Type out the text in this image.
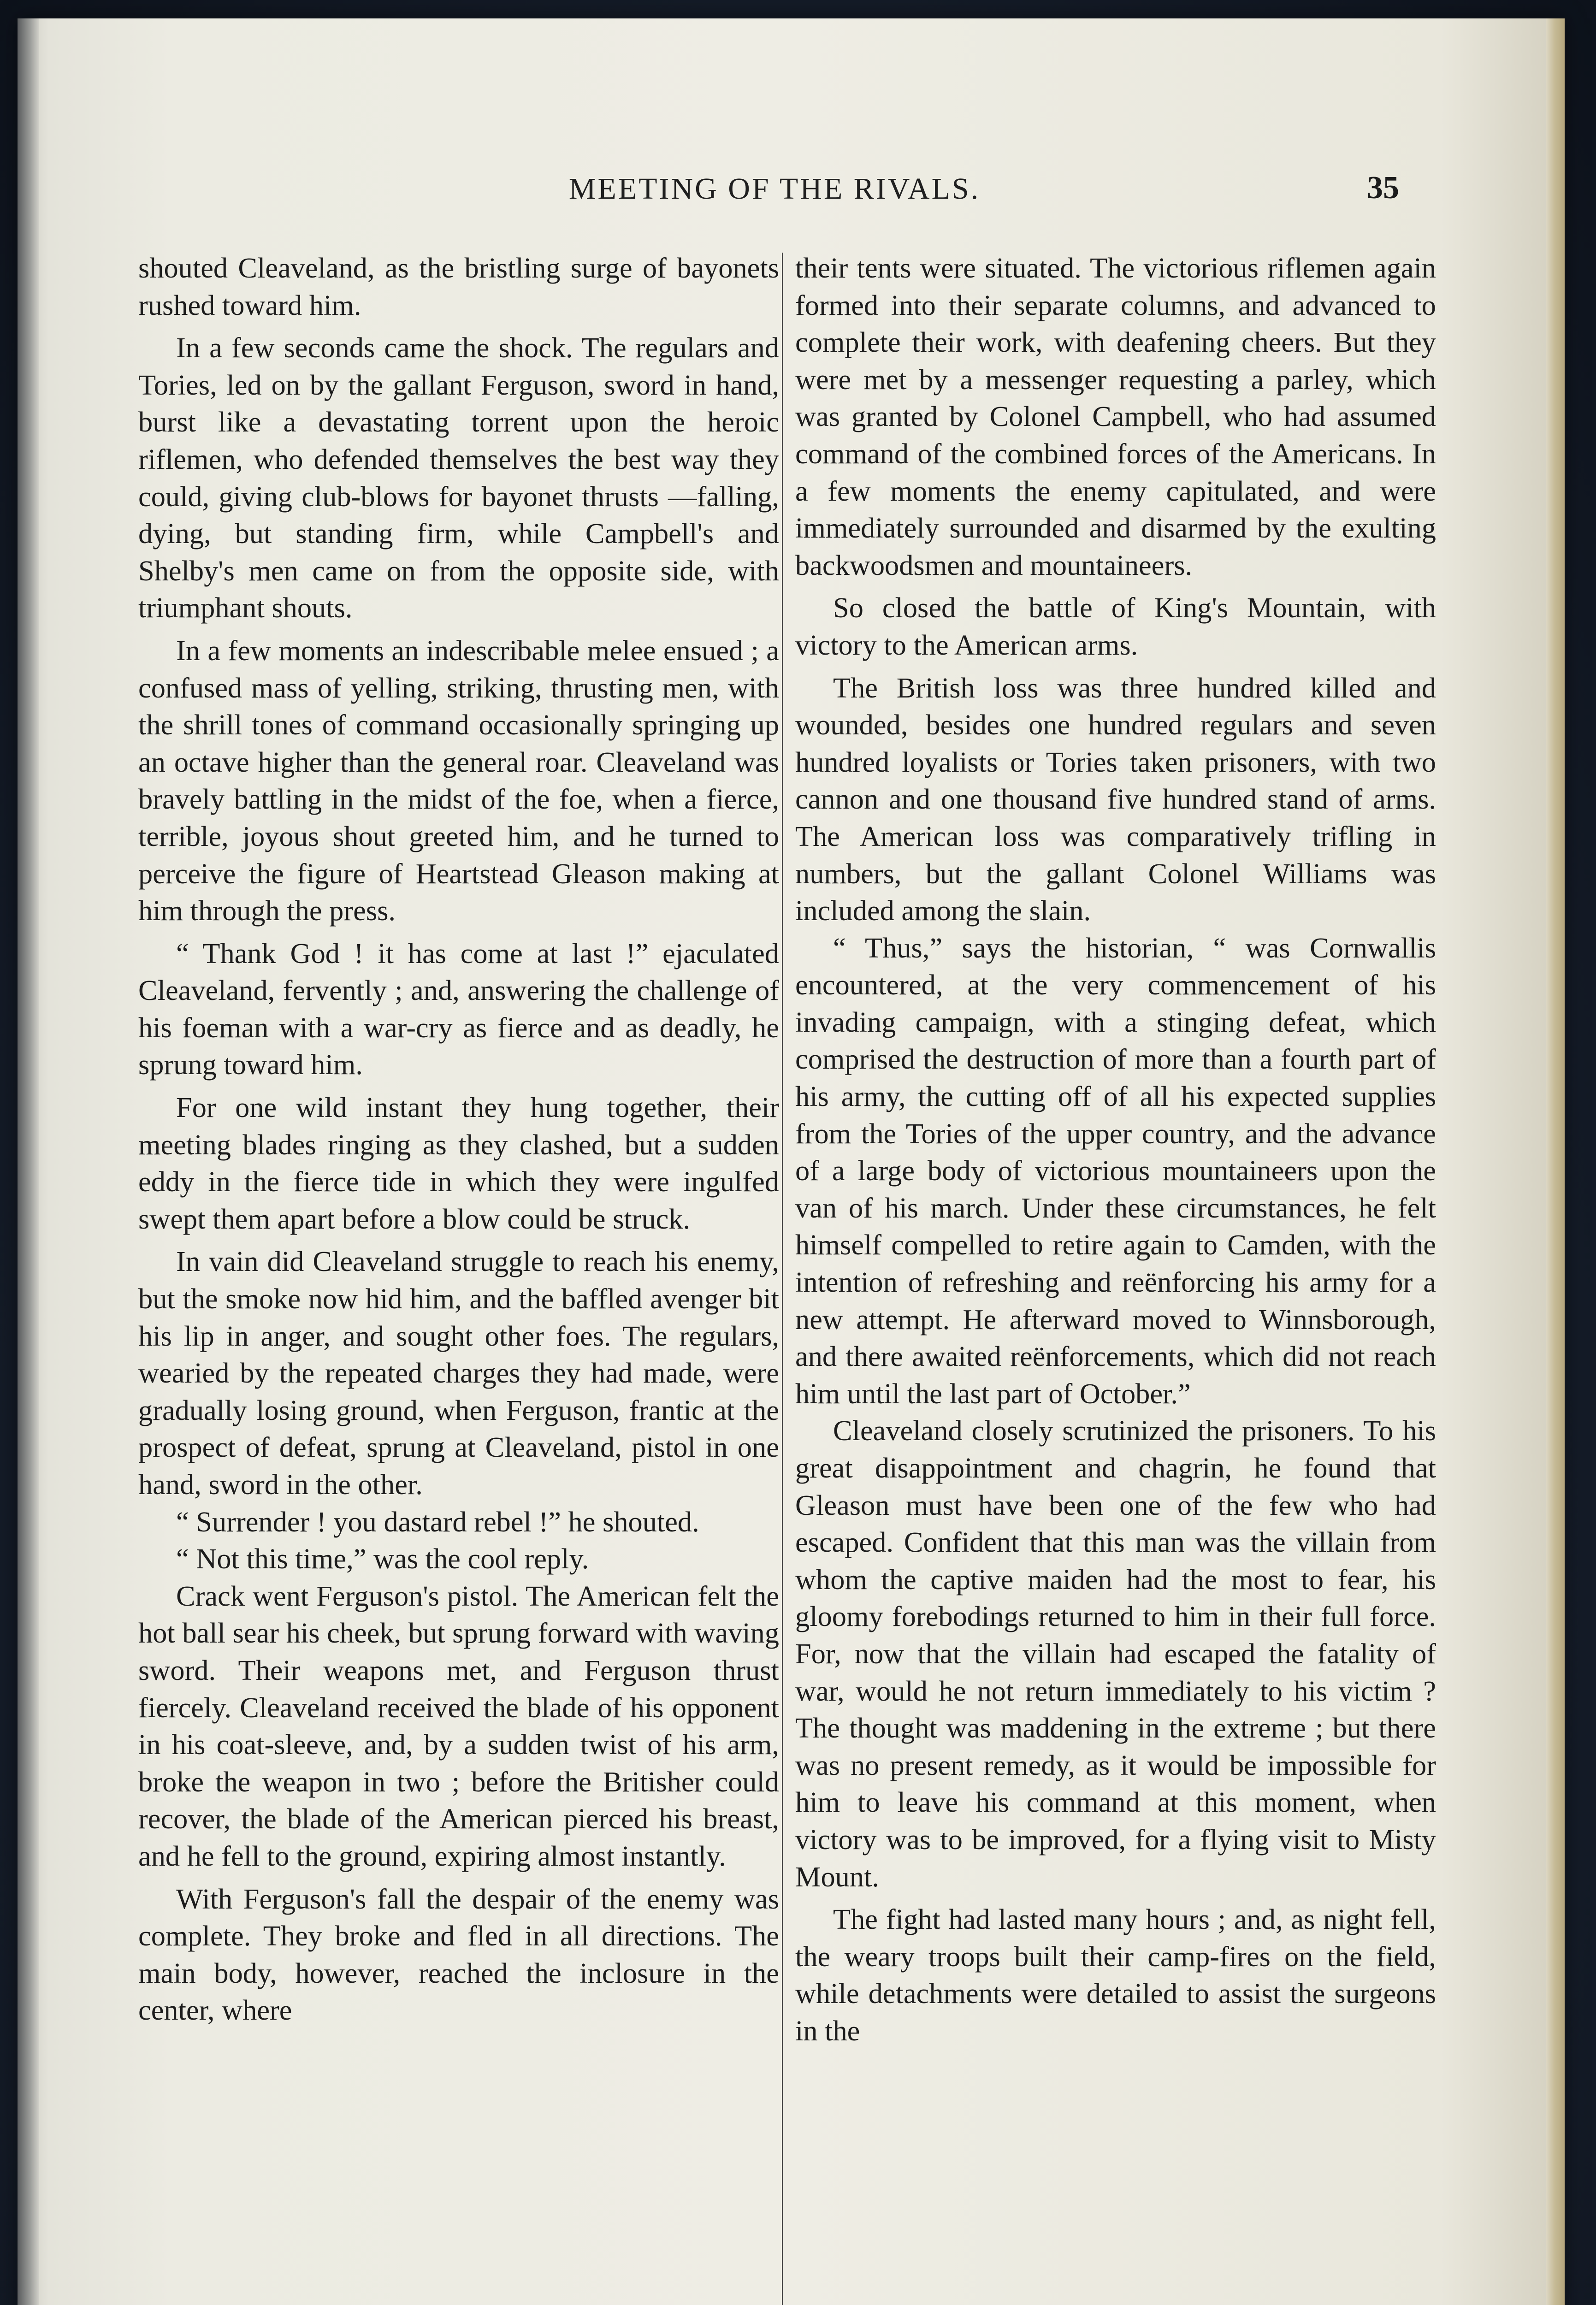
MEETING OF THE RIVALS.	35

shouted Cleaveland, as the bristling surge of bayonets rushed toward him.

In a few seconds came the shock. The regulars and Tories, led on by the gallant Ferguson, sword in hand, burst like a devastating torrent upon the heroic riflemen, who defended themselves the best way they could, giving club-blows for bayonet thrusts —falling, dying, but standing firm, while Campbell's and Shelby's men came on from the opposite side, with triumphant shouts.

In a few moments an indescribable melee ensued ; a confused mass of yelling, striking, thrusting men, with the shrill tones of command occasionally springing up an octave higher than the general roar. Cleaveland was bravely battling in the midst of the foe, when a fierce, terrible, joyous shout greeted him, and he turned to perceive the figure of Heartstead Gleason making at him through the press.

“ Thank God ! it has come at last !” ejaculated Cleaveland, fervently ; and, answering the challenge of his foeman with a war-cry as fierce and as deadly, he sprung toward him.

For one wild instant they hung together, their meeting blades ringing as they clashed, but a sudden eddy in the fierce tide in which they were ingulfed swept them apart before a blow could be struck.

In vain did Cleaveland struggle to reach his enemy, but the smoke now hid him, and the baffled avenger bit his lip in anger, and sought other foes. The regulars, wearied by the repeated charges they had made, were gradually losing ground, when Ferguson, frantic at the prospect of defeat, sprung at Cleaveland, pistol in one hand, sword in the other.

“ Surrender ! you dastard rebel !” he shouted.

“ Not this time,” was the cool reply.

Crack went Ferguson's pistol. The American felt the hot ball sear his cheek, but sprung forward with waving sword. Their weapons met, and Ferguson thrust fiercely. Cleaveland received the blade of his opponent in his coat-sleeve, and, by a sudden twist of his arm, broke the weapon in two ; before the Britisher could recover, the blade of the American pierced his breast, and he fell to the ground, expiring almost instantly.

With Ferguson's fall the despair of the enemy was complete. They broke and fled in all directions. The main body, however, reached the inclosure in the center, where

their tents were situated. The victorious riflemen again formed into their separate columns, and advanced to complete their work, with deafening cheers. But they were met by a messenger requesting a parley, which was granted by Colonel Campbell, who had assumed command of the combined forces of the Americans. In a few moments the enemy capitulated, and were immediately surrounded and disarmed by the exulting backwoodsmen and mountaineers.

So closed the battle of King's Mountain, with victory to the American arms.

The British loss was three hundred killed and wounded, besides one hundred regulars and seven hundred loyalists or Tories taken prisoners, with two cannon and one thousand five hundred stand of arms. The American loss was comparatively trifling in numbers, but the gallant Colonel Williams was included among the slain.

“ Thus,” says the historian, “ was Cornwallis encountered, at the very commencement of his invading campaign, with a stinging defeat, which comprised the destruction of more than a fourth part of his army, the cutting off of all his expected supplies from the Tories of the upper country, and the advance of a large body of victorious mountaineers upon the van of his march. Under these circumstances, he felt himself compelled to retire again to Camden, with the intention of refreshing and reënforcing his army for a new attempt. He afterward moved to Winnsborough, and there awaited reënforcements, which did not reach him until the last part of October.”

Cleaveland closely scrutinized the prisoners. To his great disappointment and chagrin, he found that Gleason must have been one of the few who had escaped. Confident that this man was the villain from whom the captive maiden had the most to fear, his gloomy forebodings returned to him in their full force. For, now that the villain had escaped the fatality of war, would he not return immediately to his victim ? The thought was maddening in the extreme ; but there was no present remedy, as it would be impossible for him to leave his command at this moment, when victory was to be improved, for a flying visit to Misty Mount.

The fight had lasted many hours ; and, as night fell, the weary troops built their camp-fires on the field, while detachments were detailed to assist the surgeons in the
